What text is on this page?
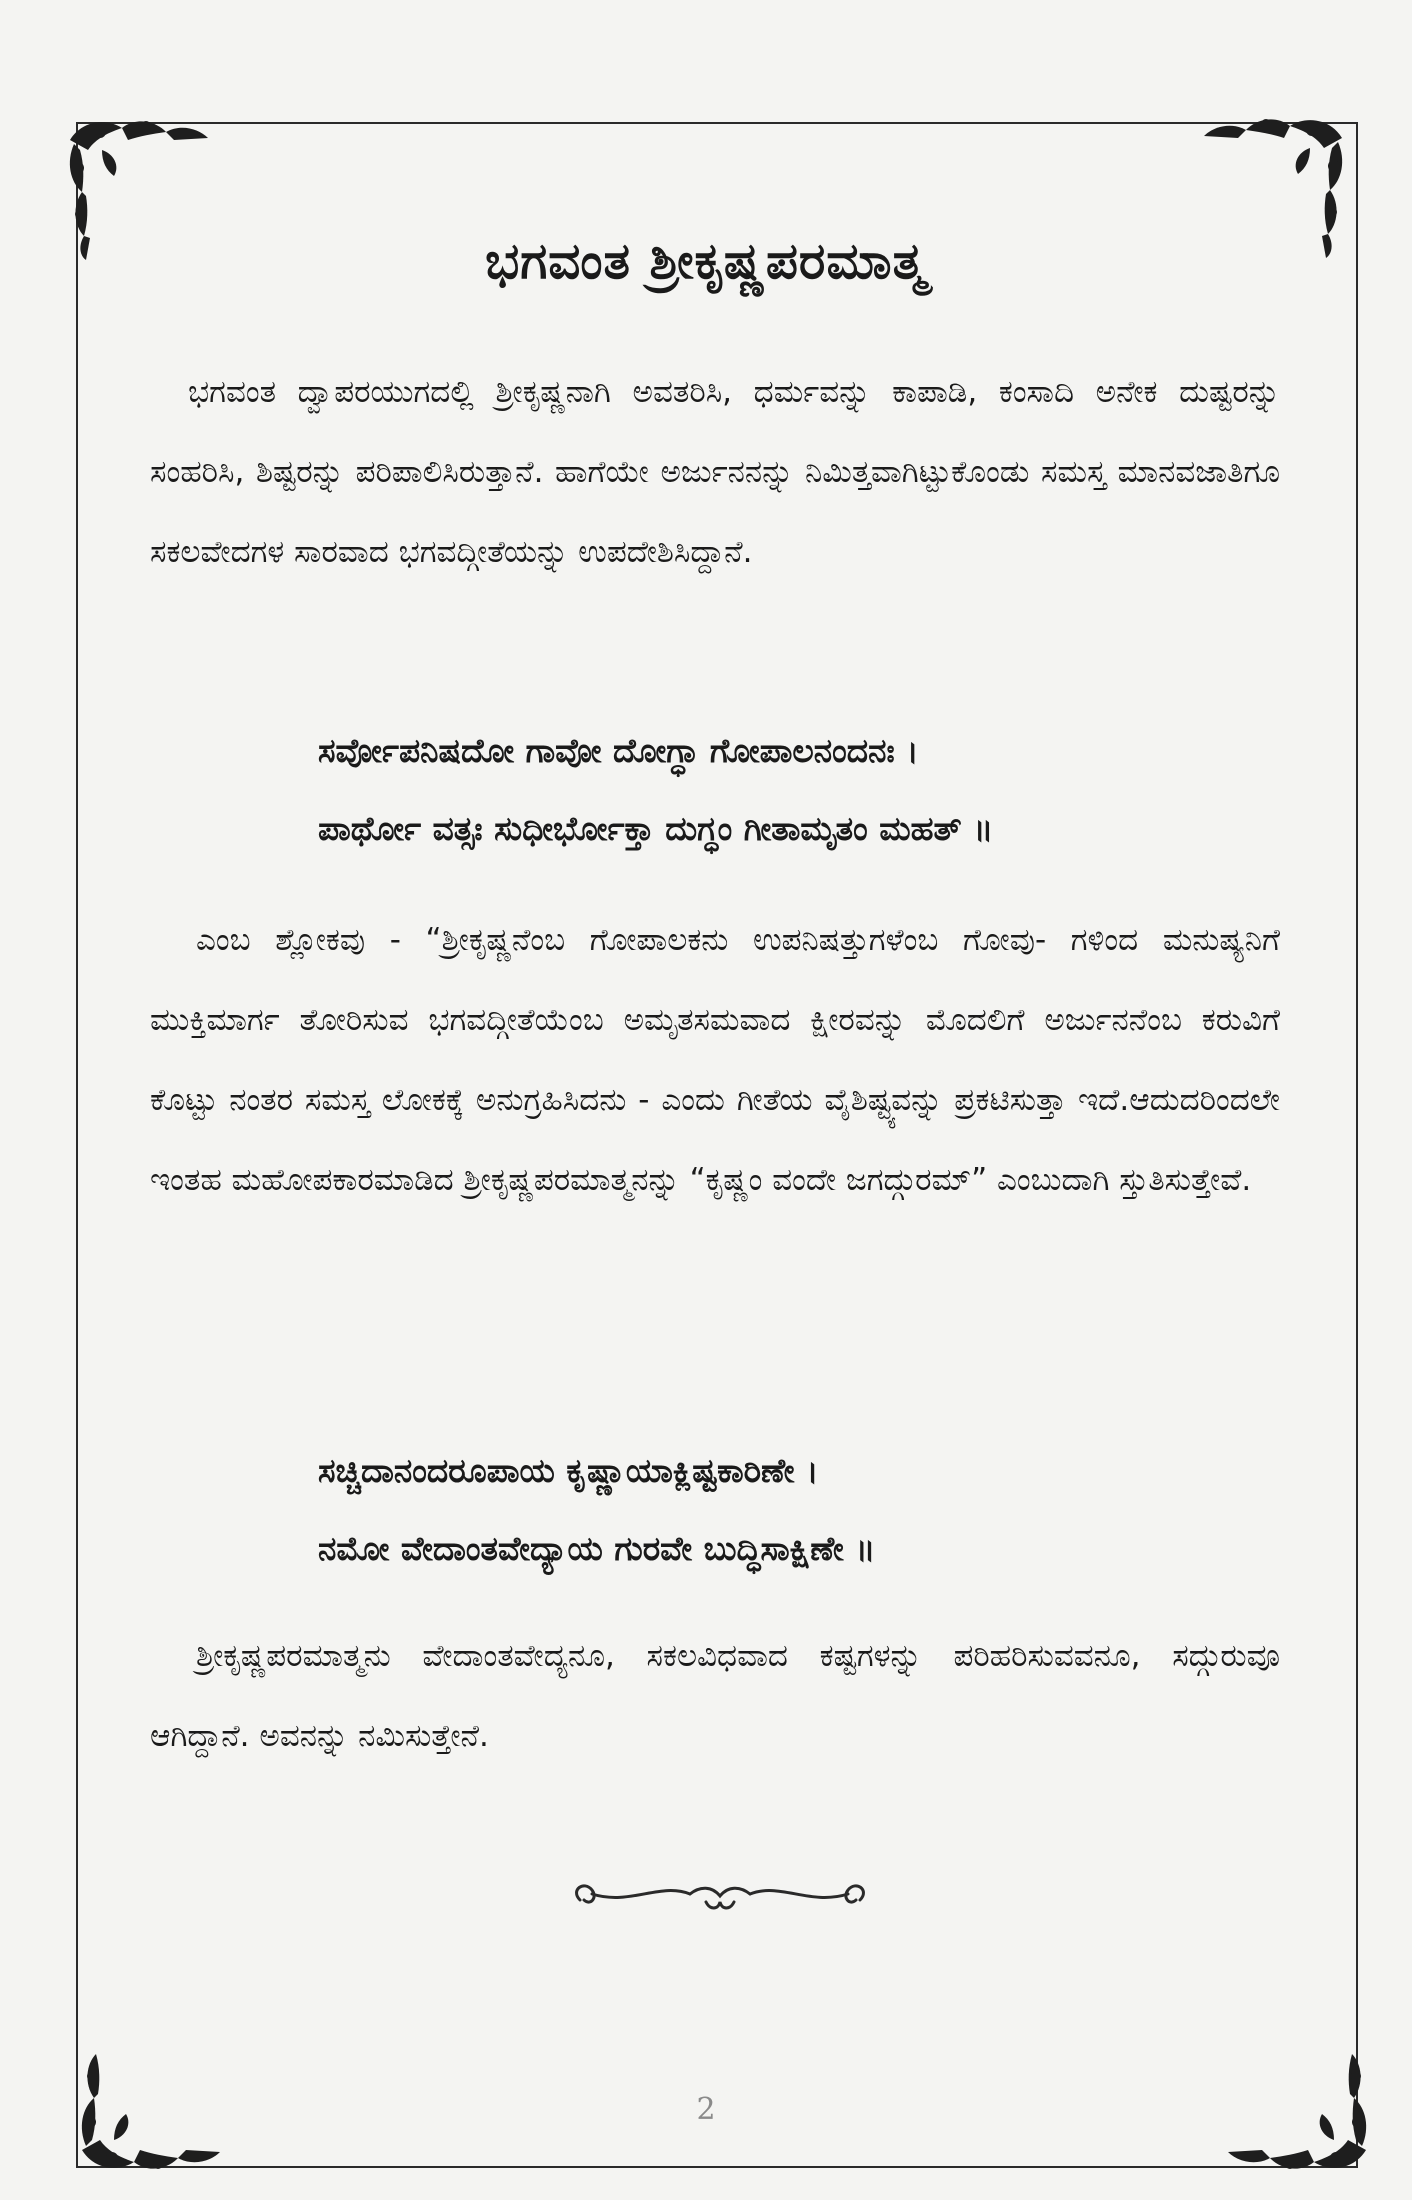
ಭಗವಂತ ಶ್ರೀಕೃಷ್ಣಪರಮಾತ್ಮ
ಭಗವಂತ ದ್ವಾಪರಯುಗದಲ್ಲಿ ಶ್ರೀಕೃಷ್ಣನಾಗಿ ಅವತರಿಸಿ, ಧರ್ಮವನ್ನು ಕಾಪಾಡಿ, ಕಂಸಾದಿ ಅನೇಕ ದುಷ್ಟರನ್ನು ಸಂಹರಿಸಿ, ಶಿಷ್ಟರನ್ನು ಪರಿಪಾಲಿಸಿರುತ್ತಾನೆ. ಹಾಗೆಯೇ ಅರ್ಜುನನನ್ನು ನಿಮಿತ್ತವಾಗಿಟ್ಟುಕೊಂಡು ಸಮಸ್ತ ಮಾನವಜಾತಿಗೂ ಸಕಲವೇದಗಳ ಸಾರವಾದ ಭಗವದ್ಗೀತೆಯನ್ನು ಉಪದೇಶಿಸಿದ್ದಾನೆ.
ಸರ್ವೋಪನಿಷದೋ ಗಾವೋ ದೋಗ್ಧಾ ಗೋಪಾಲನಂದನಃ ।
ಪಾರ್ಥೋ ವತ್ಸಃ ಸುಧೀರ್ಭೋಕ್ತಾ ದುಗ್ಧಂ ಗೀತಾಮೃತಂ ಮಹತ್ ॥
ಎಂಬ ಶ್ಲೋಕವು - “ಶ್ರೀಕೃಷ್ಣನೆಂಬ ಗೋಪಾಲಕನು ಉಪನಿಷತ್ತುಗಳೆಂಬ ಗೋವು- ಗಳಿಂದ ಮನುಷ್ಯನಿಗೆ ಮುಕ್ತಿಮಾರ್ಗ ತೋರಿಸುವ ಭಗವದ್ಗೀತೆಯೆಂಬ ಅಮೃತಸಮವಾದ ಕ್ಷೀರವನ್ನು ಮೊದಲಿಗೆ ಅರ್ಜುನನೆಂಬ ಕರುವಿಗೆ ಕೊಟ್ಟು ನಂತರ ಸಮಸ್ತ ಲೋಕಕ್ಕೆ ಅನುಗ್ರಹಿಸಿದನು - ಎಂದು ಗೀತೆಯ ವೈಶಿಷ್ಟ್ಯವನ್ನು ಪ್ರಕಟಿಸುತ್ತಾ ಇದೆ.ಆದುದರಿಂದಲೇ ಇಂತಹ ಮಹೋಪಕಾರಮಾಡಿದ ಶ್ರೀಕೃಷ್ಣಪರಮಾತ್ಮನನ್ನು “ಕೃಷ್ಣಂ ವಂದೇ ಜಗದ್ಗುರಮ್” ಎಂಬುದಾಗಿ ಸ್ತುತಿಸುತ್ತೇವೆ.
ಸಚ್ಚಿದಾನಂದರೂಪಾಯ ಕೃಷ್ಣಾಯಾಕ್ಲಿಷ್ಟಕಾರಿಣೇ ।
ನಮೋ ವೇದಾಂತವೇದ್ಯಾಯ ಗುರವೇ ಬುದ್ಧಿಸಾಕ್ಷಿಣೇ ॥
ಶ್ರೀಕೃಷ್ಣಪರಮಾತ್ಮನು ವೇದಾಂತವೇದ್ಯನೂ, ಸಕಲವಿಧವಾದ ಕಷ್ಟಗಳನ್ನು ಪರಿಹರಿಸುವವನೂ, ಸದ್ಗುರುವೂ ಆಗಿದ್ದಾನೆ. ಅವನನ್ನು ನಮಿಸುತ್ತೇನೆ.
2
